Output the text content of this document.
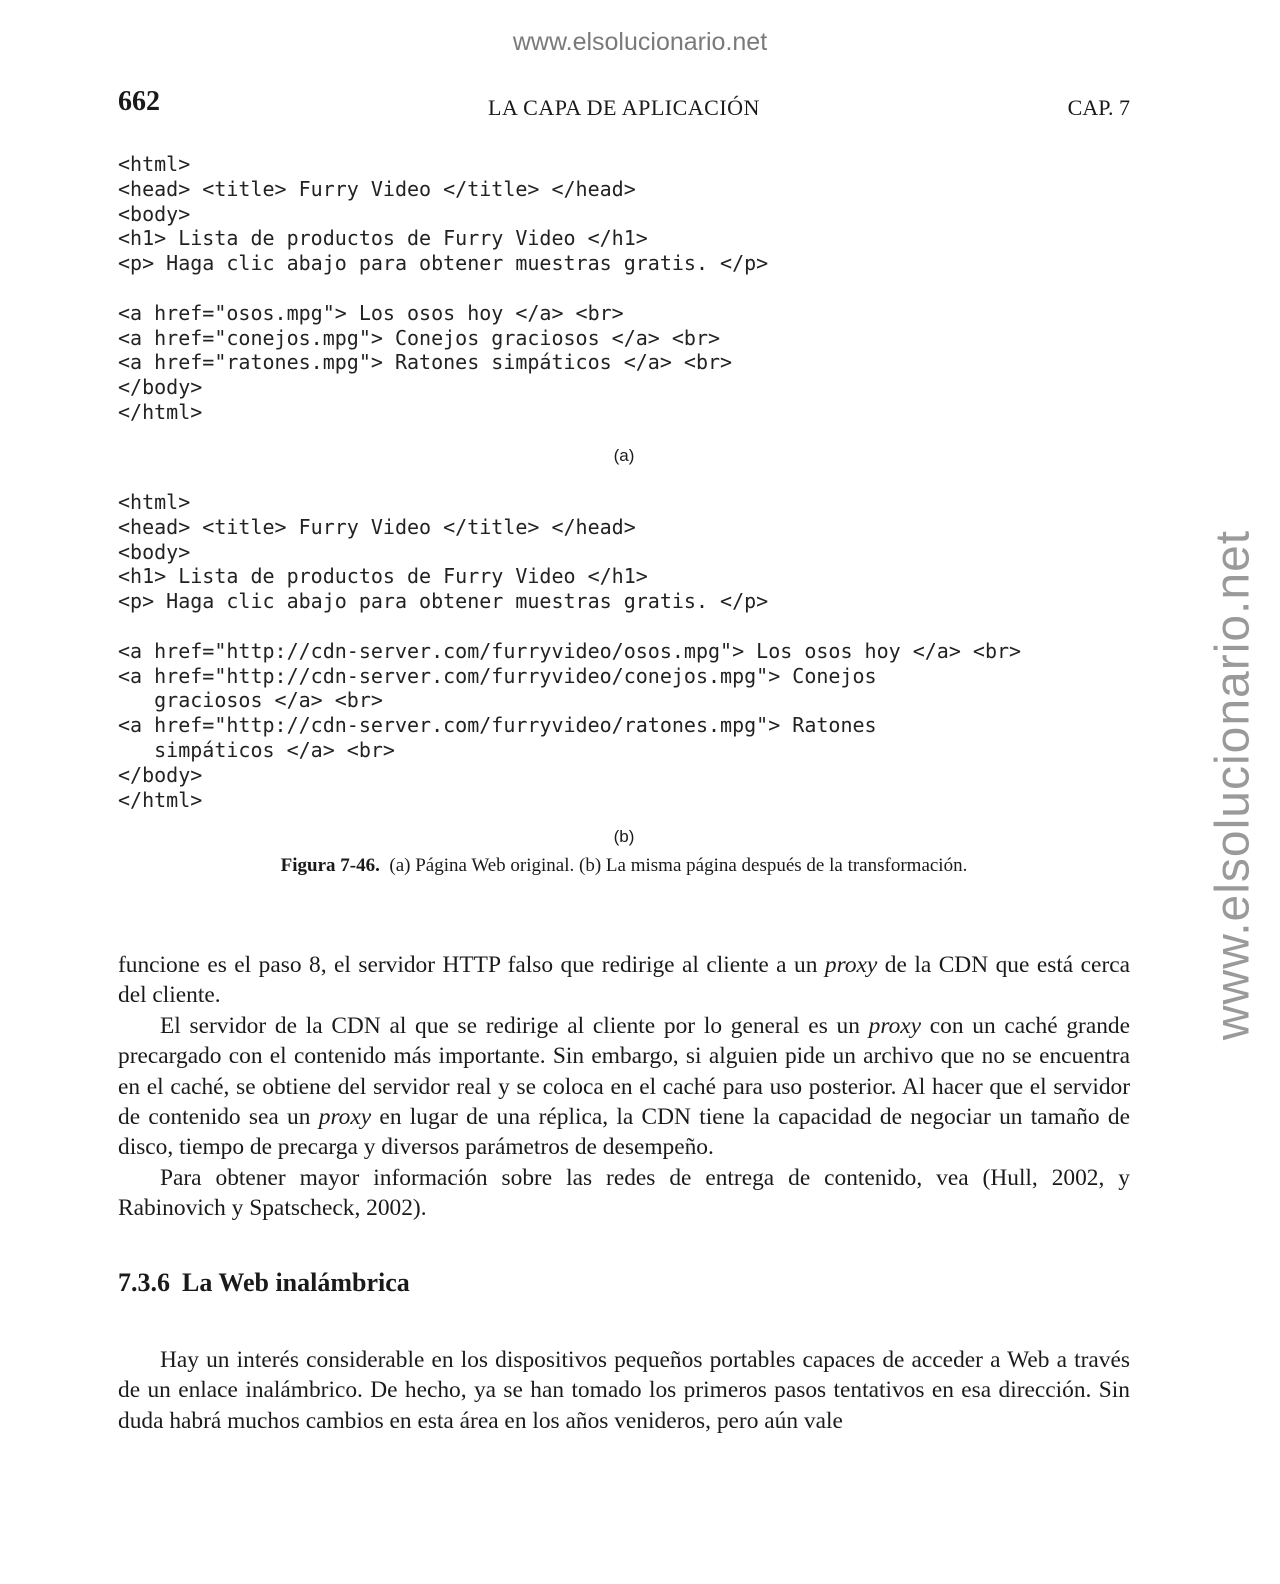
www.elsolucionario.net
www.elsolucionario.net
662	LA CAPA DE APLICACIÓN	CAP. 7
<html>
<head> <title> Furry Video </title> </head>
<body>
<h1> Lista de productos de Furry Video </h1>
<p> Haga clic abajo para obtener muestras gratis. </p>

<a href="osos.mpg"> Los osos hoy </a> <br>
<a href="conejos.mpg"> Conejos graciosos </a> <br>
<a href="ratones.mpg"> Ratones simpáticos </a> <br>
</body>
</html>
(a)
<html>
<head> <title> Furry Video </title> </head>
<body>
<h1> Lista de productos de Furry Video </h1>
<p> Haga clic abajo para obtener muestras gratis. </p>

<a href="http://cdn-server.com/furryvideo/osos.mpg"> Los osos hoy </a> <br>
<a href="http://cdn-server.com/furryvideo/conejos.mpg"> Conejos
graciosos </a> <br>
<a href="http://cdn-server.com/furryvideo/ratones.mpg"> Ratones
simpáticos </a> <br>
</body>
</html>
(b)
Figura 7-46. (a) Página Web original. (b) La misma página después de la transformación.

funcione es el paso 8, el servidor HTTP falso que redirige al cliente a un proxy de la CDN que está cerca del cliente.

El servidor de la CDN al que se redirige al cliente por lo general es un proxy con un caché grande precargado con el contenido más importante. Sin embargo, si alguien pide un archivo que no se encuentra en el caché, se obtiene del servidor real y se coloca en el caché para uso posterior. Al hacer que el servidor de contenido sea un proxy en lugar de una réplica, la CDN tiene la capacidad de negociar un tamaño de disco, tiempo de precarga y diversos parámetros de desempeño.

Para obtener mayor información sobre las redes de entrega de contenido, vea (Hull, 2002, y Rabinovich y Spatscheck, 2002).

7.3.6 La Web inalámbrica

Hay un interés considerable en los dispositivos pequeños portables capaces de acceder a Web a través de un enlace inalámbrico. De hecho, ya se han tomado los primeros pasos tentativos en esa dirección. Sin duda habrá muchos cambios en esta área en los años venideros, pero aún vale
